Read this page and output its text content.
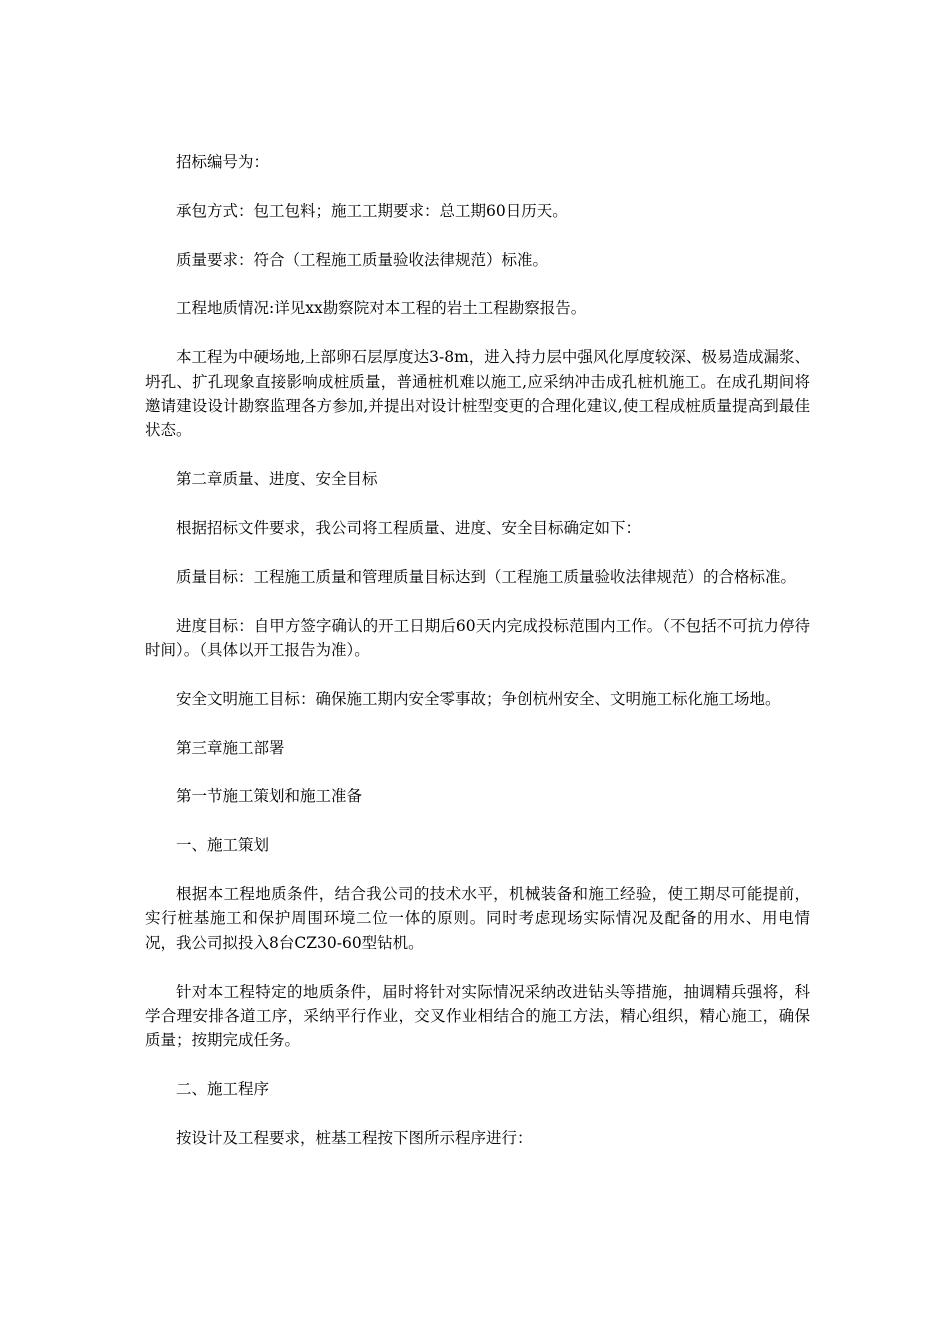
招标编号为：

承包方式：包工包料；施工工期要求：总工期60日历天。

质量要求：符合（工程施工质量验收法律规范）标准。

工程地质情况:详见xx勘察院对本工程的岩土工程勘察报告。

本工程为中硬场地,上部卵石层厚度达3-8m，进入持力层中强风化厚度较深、极易造成漏浆、坍孔、扩孔现象直接影响成桩质量，普通桩机难以施工,应采纳冲击成孔桩机施工。在成孔期间将邀请建设设计勘察监理各方参加,并提出对设计桩型变更的合理化建议,使工程成桩质量提高到最佳状态。

第二章质量、进度、安全目标

根据招标文件要求，我公司将工程质量、进度、安全目标确定如下：

质量目标：工程施工质量和管理质量目标达到（工程施工质量验收法律规范）的合格标准。

进度目标：自甲方签字确认的开工日期后60天内完成投标范围内工作。（不包括不可抗力停待时间）。（具体以开工报告为准）。

安全文明施工目标：确保施工期内安全零事故；争创杭州安全、文明施工标化施工场地。

第三章施工部署

第一节施工策划和施工准备

一、施工策划

根据本工程地质条件，结合我公司的技术水平，机械装备和施工经验，使工期尽可能提前，实行桩基施工和保护周围环境二位一体的原则。同时考虑现场实际情况及配备的用水、用电情况，我公司拟投入8台CZ30-60型钻机。

针对本工程特定的地质条件，届时将针对实际情况采纳改进钻头等措施，抽调精兵强将，科学合理安排各道工序，采纳平行作业，交叉作业相结合的施工方法，精心组织，精心施工，确保质量；按期完成任务。

二、施工程序

按设计及工程要求，桩基工程按下图所示程序进行：
